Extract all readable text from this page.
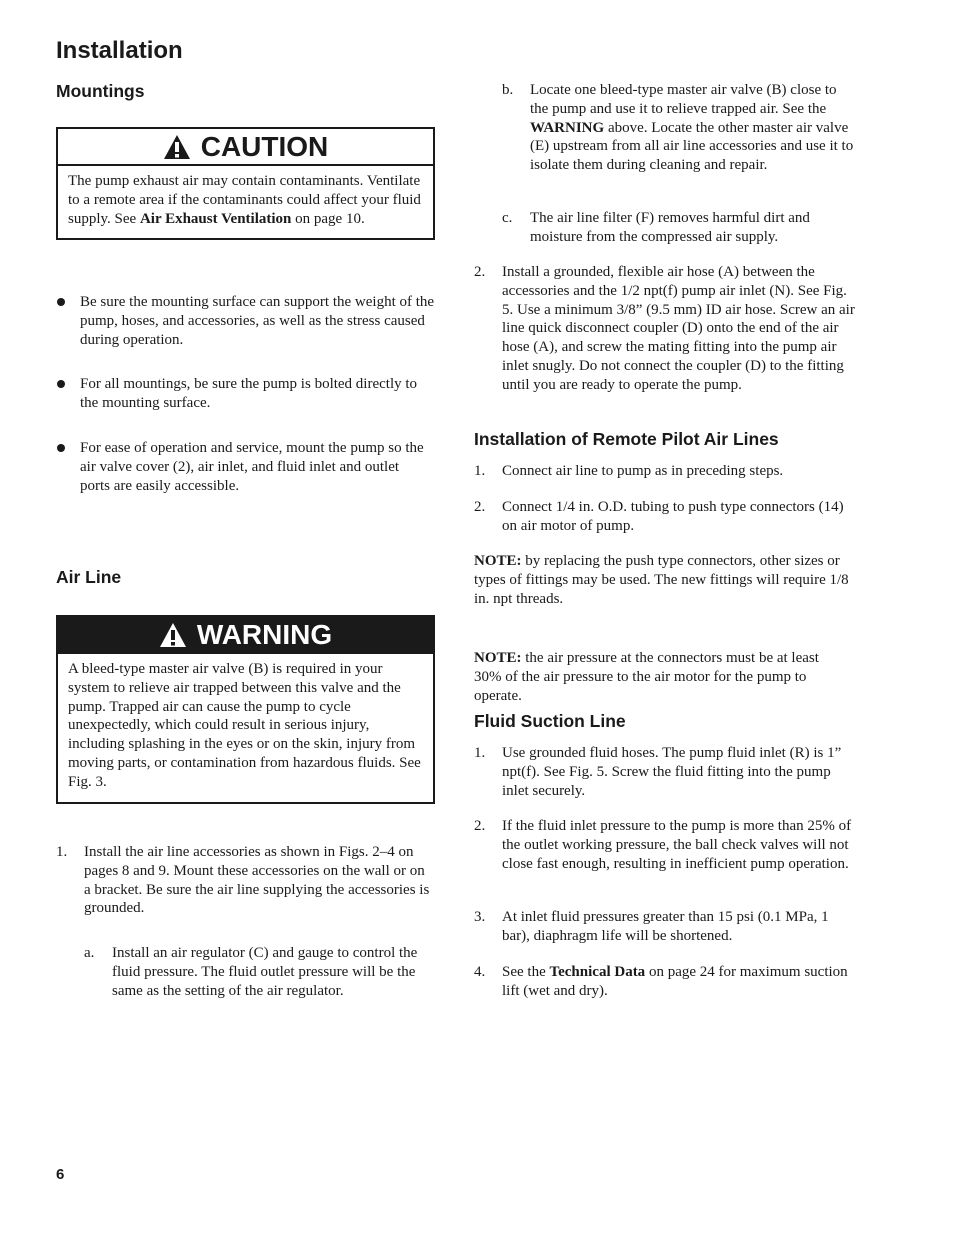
Installation
Mountings
CAUTION
The pump exhaust air may contain contaminants. Ventilate to a remote area if the contaminants could affect your fluid supply. See Air Exhaust Ventilation on page 10.
Be sure the mounting surface can support the weight of the pump, hoses, and accessories, as well as the stress caused during operation.
For all mountings, be sure the pump is bolted directly to the mounting surface.
For ease of operation and service, mount the pump so the air valve cover (2), air inlet, and fluid inlet and outlet ports are easily accessible.
Air Line
WARNING
A bleed-type master air valve (B) is required in your system to relieve air trapped between this valve and the pump. Trapped air can cause the pump to cycle unexpectedly, which could result in serious injury, including splashing in the eyes or on the skin, injury from moving parts, or contamination from hazardous fluids. See Fig. 3.
1.	Install the air line accessories as shown in Figs. 2–4 on pages 8 and 9. Mount these accessories on the wall or on a bracket. Be sure the air line supplying the accessories is grounded.
a.	Install an air regulator (C) and gauge to control the fluid pressure. The fluid outlet pressure will be the same as the setting of the air regulator.
b.	Locate one bleed-type master air valve (B) close to the pump and use it to relieve trapped air. See the WARNING above. Locate the other master air valve (E) upstream from all air line accessories and use it to isolate them during cleaning and repair.
c.	The air line filter (F) removes harmful dirt and moisture from the compressed air supply.
2.	Install a grounded, flexible air hose (A) between the accessories and the 1/2 npt(f) pump air inlet (N). See Fig. 5. Use a minimum 3/8” (9.5 mm) ID air hose. Screw an air line quick disconnect coupler (D) onto the end of the air hose (A), and screw the mating fitting into the pump air inlet snugly. Do not connect the coupler (D) to the fitting until you are ready to operate the pump.
Installation of Remote Pilot Air Lines
1.	Connect air line to pump as in preceding steps.
2.	Connect 1/4 in. O.D. tubing to push type connectors (14) on air motor of pump.

NOTE: by replacing the push type connectors, other sizes or types of fittings may be used. The new fittings will require 1/8 in. npt threads.

NOTE: the air pressure at the connectors must be at least 30% of the air pressure to the air motor for the pump to operate.

Fluid Suction Line
1.	Use grounded fluid hoses. The pump fluid inlet (R) is 1” npt(f). See Fig. 5. Screw the fluid fitting into the pump inlet securely.
2.	If the fluid inlet pressure to the pump is more than 25% of the outlet working pressure, the ball check valves will not close fast enough, resulting in inefficient pump operation.
3.	At inlet fluid pressures greater than 15 psi (0.1 MPa, 1 bar), diaphragm life will be shortened.
4.	See the Technical Data on page 24 for maximum suction lift (wet and dry).
6
